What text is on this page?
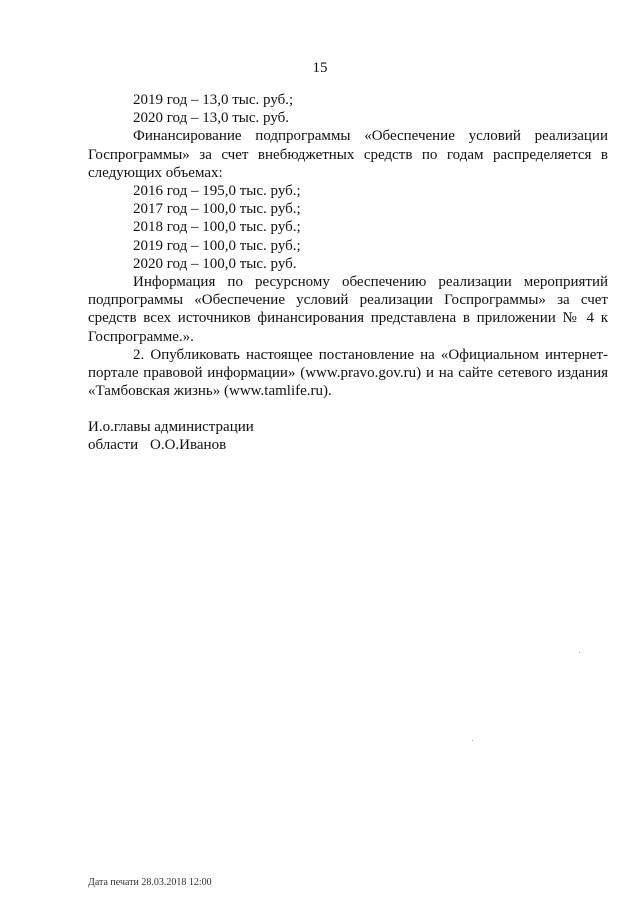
15

2019 год – 13,0 тыс. руб.;

2020 год – 13,0 тыс. руб.

Финансирование подпрограммы «Обеспечение условий реализации Госпрограммы» за счет внебюджетных средств по годам распределяется в следующих объемах:

2016 год – 195,0 тыс. руб.;

2017 год – 100,0 тыс. руб.;

2018 год – 100,0 тыс. руб.;

2019 год – 100,0 тыс. руб.;

2020 год – 100,0 тыс. руб.

Информация по ресурсному обеспечению реализации мероприятий подпрограммы «Обеспечение условий реализации Госпрограммы» за счет средств всех источников финансирования представлена в приложении № 4 к Госпрограмме.».

2. Опубликовать настоящее постановление на «Официальном интернет-портале правовой информации» (www.pravo.gov.ru) и на сайте сетевого издания «Тамбовская жизнь» (www.tamlife.ru).

И.о.главы администрации
области О.О.Иванов
Дата печати 28.03.2018 12:00
